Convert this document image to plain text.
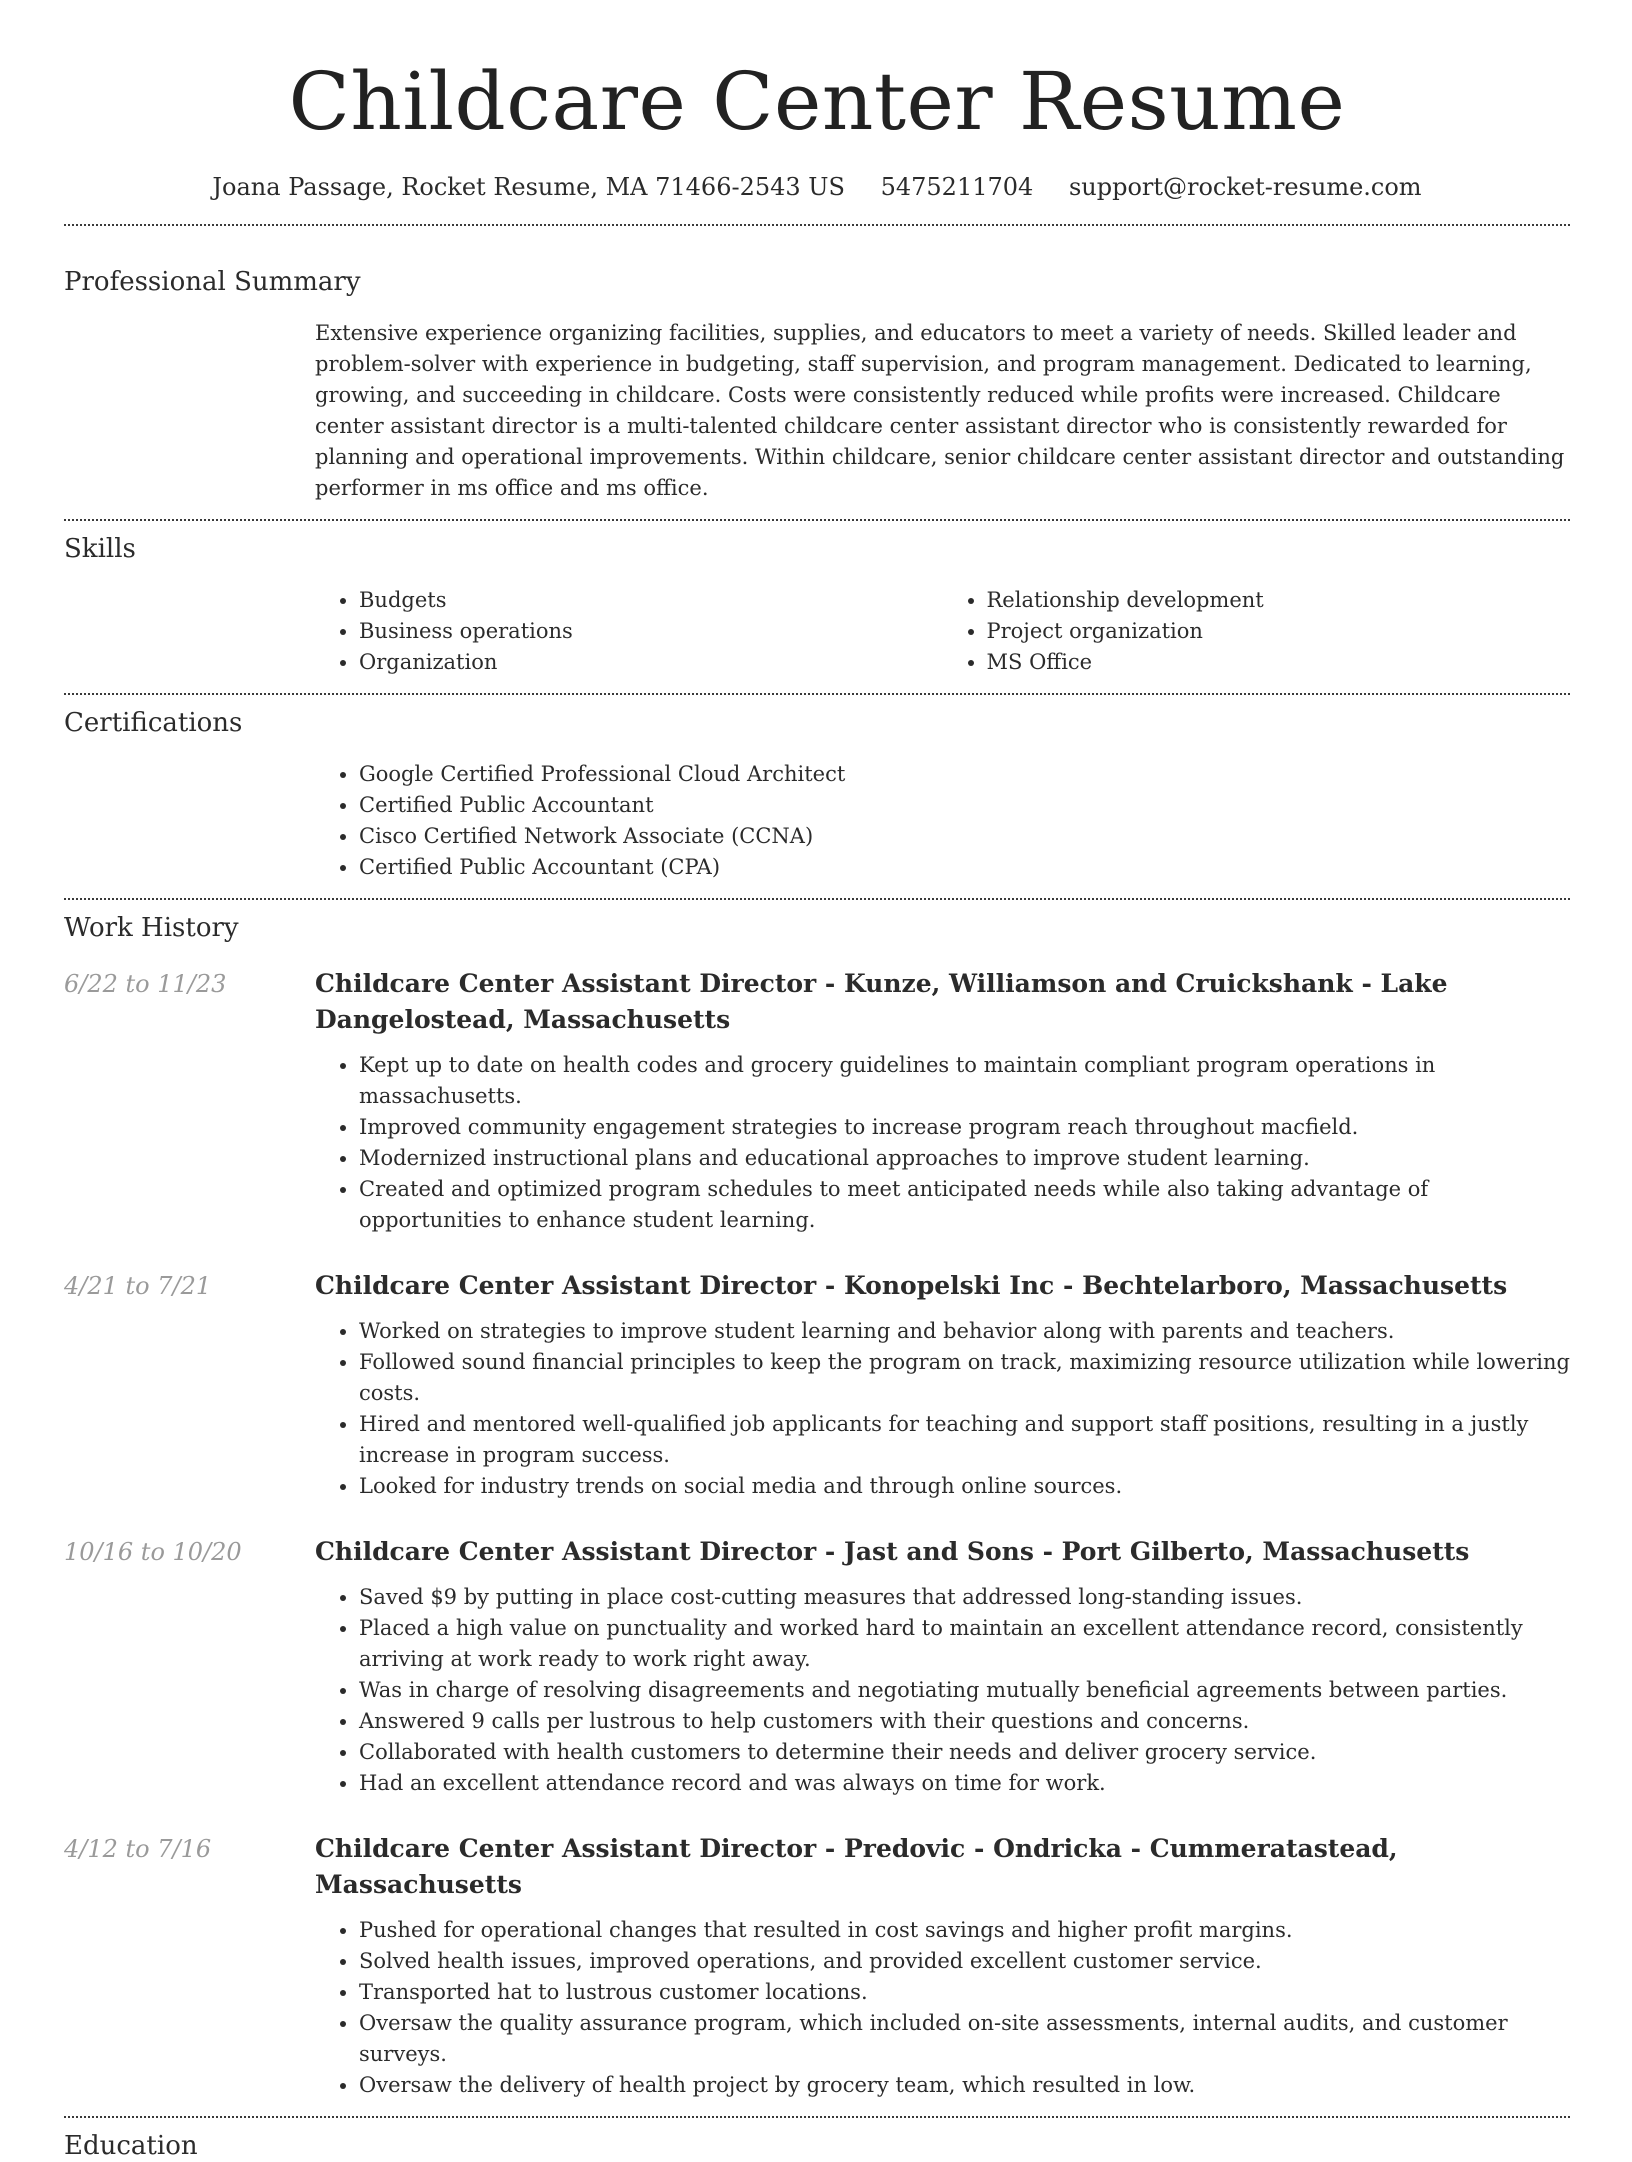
Childcare Center Resume
Joana Passage, Rocket Resume, MA 71466-2543 US 5475211704 support@rocket-resume.com
Professional Summary

Extensive experience organizing facilities, supplies, and educators to meet a variety of needs. Skilled leader and problem-solver with experience in budgeting, staff supervision, and program management. Dedicated to learning, growing, and succeeding in childcare. Costs were consistently reduced while profits were increased. Childcare center assistant director is a multi-talented childcare center assistant director who is consistently rewarded for planning and operational improvements. Within childcare, senior childcare center assistant director and outstanding performer in ms office and ms office.

Skills
• Budgets
• Business operations
• Organization
• Relationship development
• Project organization
• MS Office
Certifications
• Google Certified Professional Cloud Architect
• Certified Public Accountant
• Cisco Certified Network Associate (CCNA)
• Certified Public Accountant (CPA)
Work History
6/22 to 11/23	Childcare Center Assistant Director - Kunze, Williamson and Cruickshank - Lake Dangelostead, Massachusetts
• Kept up to date on health codes and grocery guidelines to maintain compliant program operations in massachusetts.
• Improved community engagement strategies to increase program reach throughout macfield.
• Modernized instructional plans and educational approaches to improve student learning.
• Created and optimized program schedules to meet anticipated needs while also taking advantage of opportunities to enhance student learning.
4/21 to 7/21	Childcare Center Assistant Director - Konopelski Inc - Bechtelarboro, Massachusetts
• Worked on strategies to improve student learning and behavior along with parents and teachers.
• Followed sound financial principles to keep the program on track, maximizing resource utilization while lowering costs.
• Hired and mentored well-qualified job applicants for teaching and support staff positions, resulting in a justly increase in program success.
• Looked for industry trends on social media and through online sources.
10/16 to 10/20	Childcare Center Assistant Director - Jast and Sons - Port Gilberto, Massachusetts
• Saved $9 by putting in place cost-cutting measures that addressed long-standing issues.
• Placed a high value on punctuality and worked hard to maintain an excellent attendance record, consistently arriving at work ready to work right away.
• Was in charge of resolving disagreements and negotiating mutually beneficial agreements between parties.
• Answered 9 calls per lustrous to help customers with their questions and concerns.
• Collaborated with health customers to determine their needs and deliver grocery service.
• Had an excellent attendance record and was always on time for work.
4/12 to 7/16	Childcare Center Assistant Director - Predovic - Ondricka - Cummeratastead, Massachusetts
• Pushed for operational changes that resulted in cost savings and higher profit margins.
• Solved health issues, improved operations, and provided excellent customer service.
• Transported hat to lustrous customer locations.
• Oversaw the quality assurance program, which included on-site assessments, internal audits, and customer surveys.
• Oversaw the delivery of health project by grocery team, which resulted in low.
Education
